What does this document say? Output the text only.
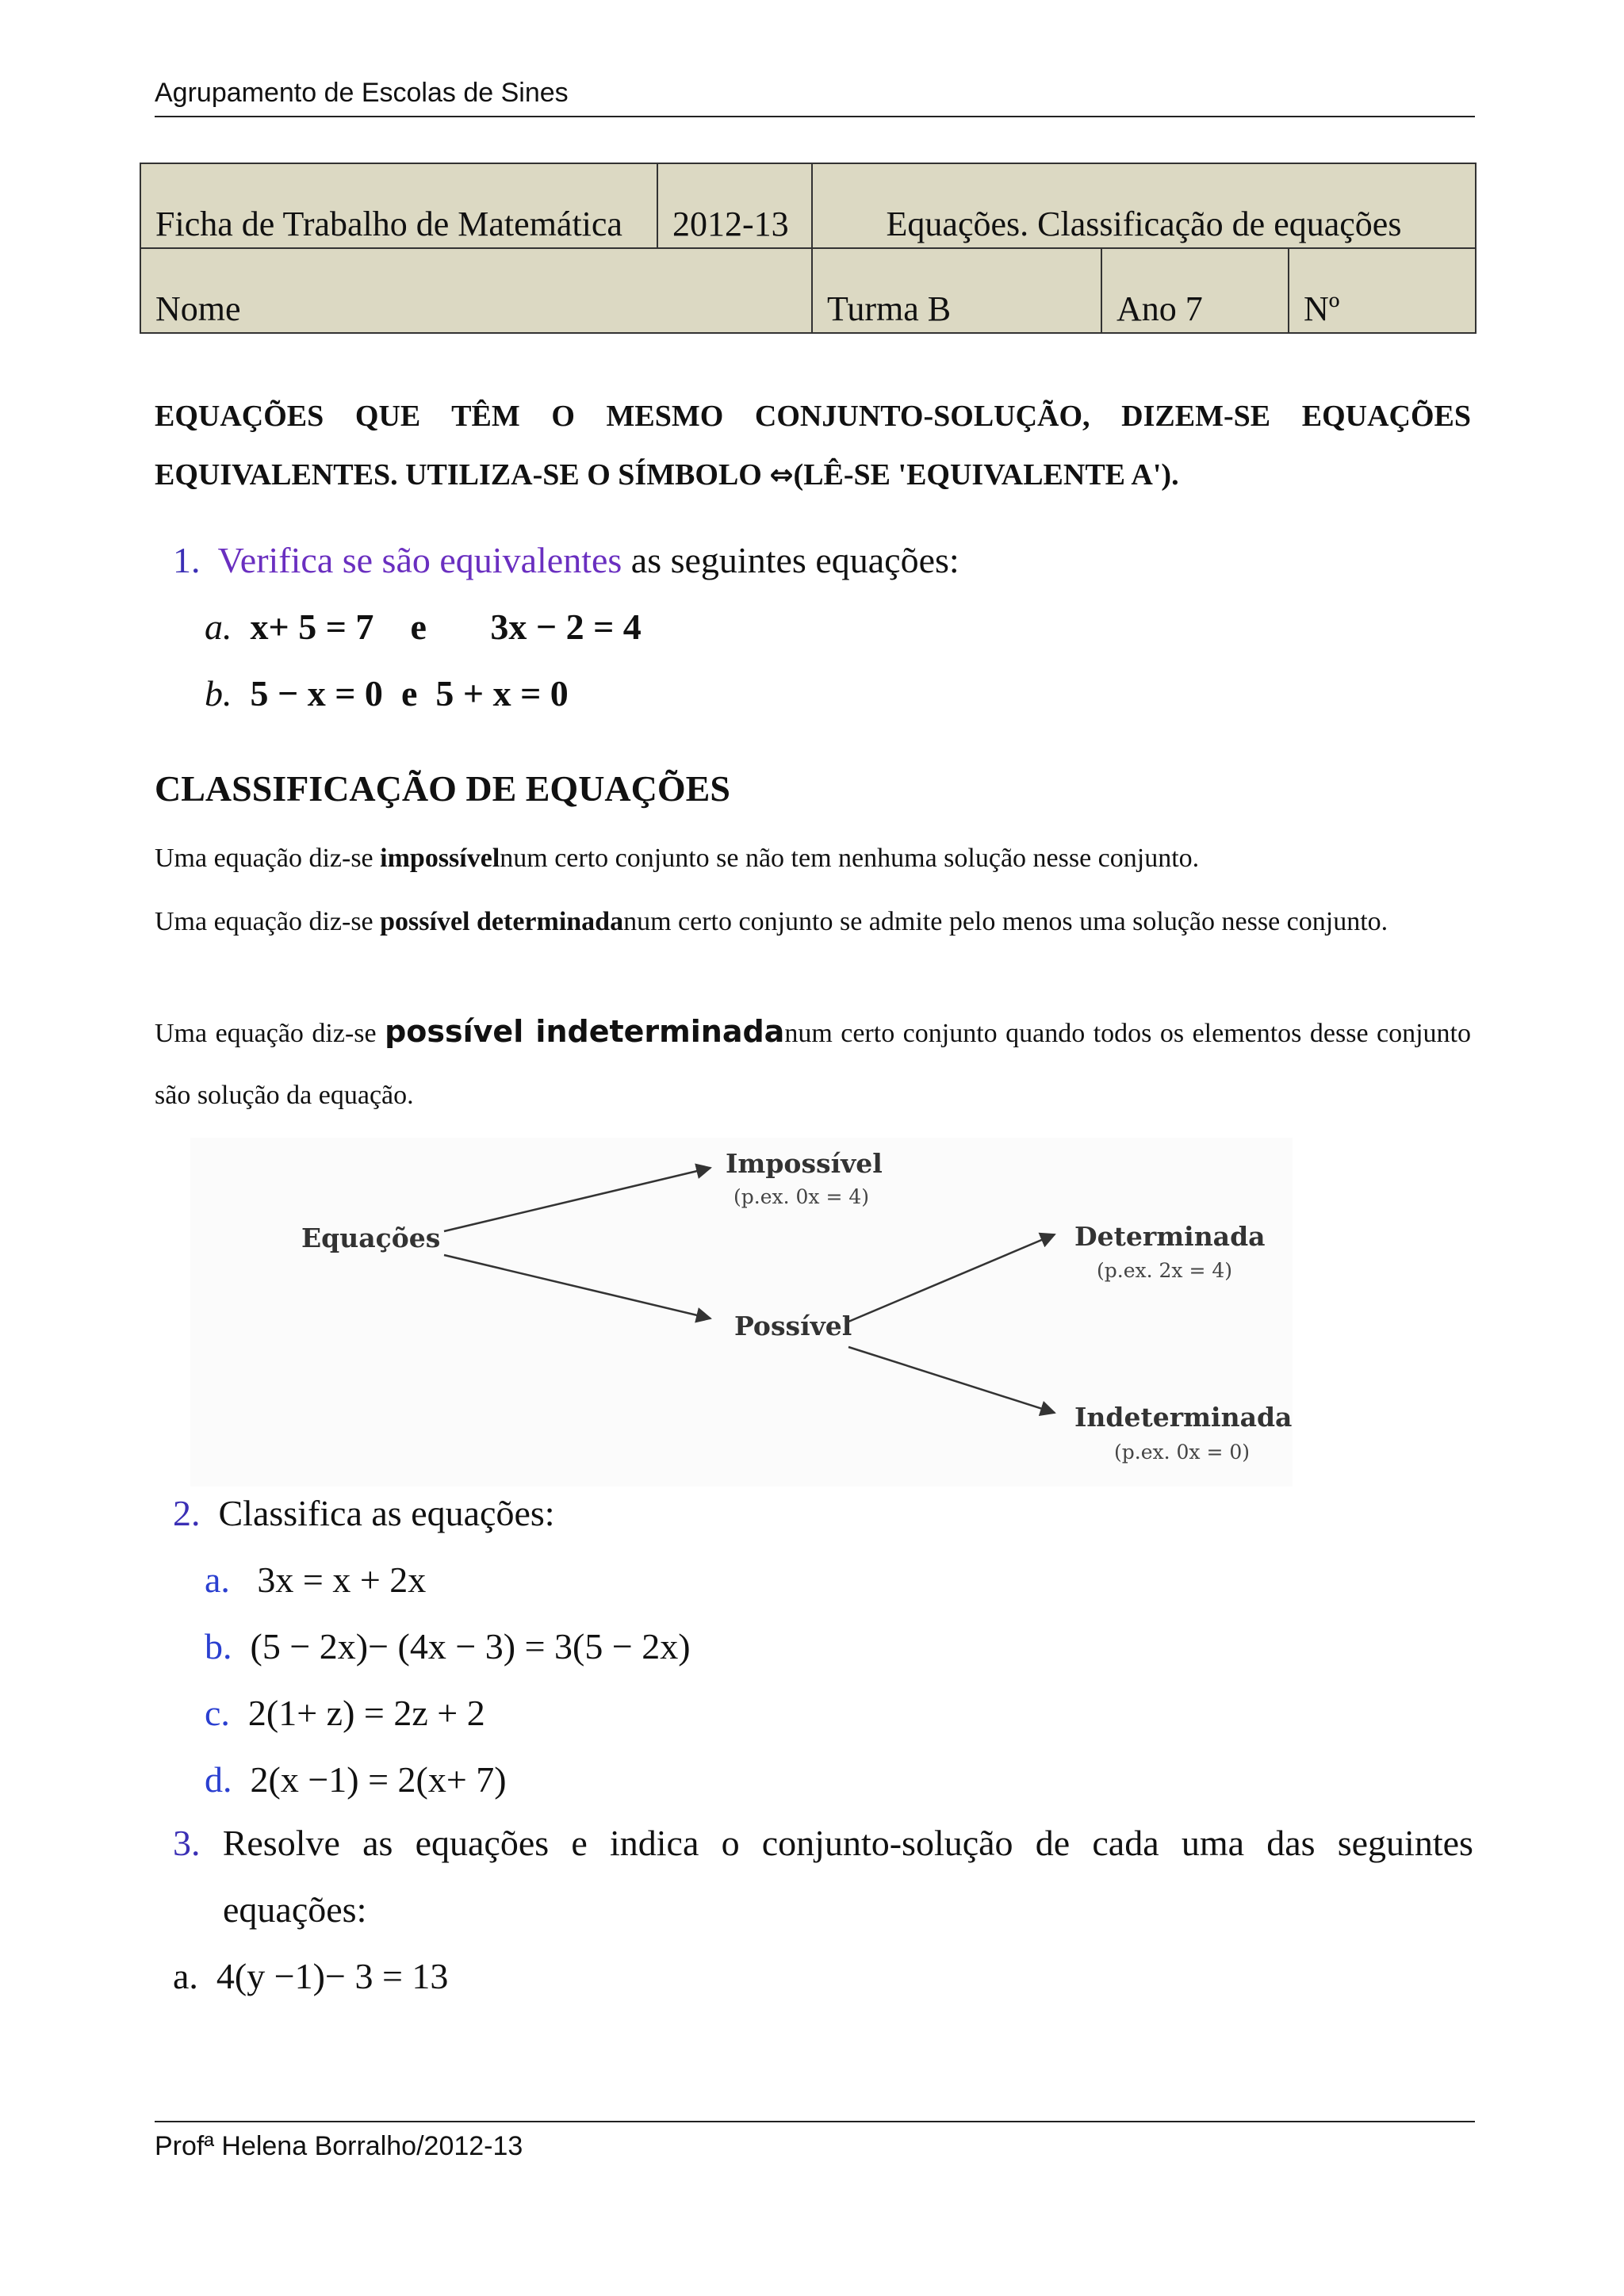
Agrupamento de Escolas de Sines
Ficha de Trabalho de Matemática	2012-13	Equações. Classificação de equações		
Nome		Turma B	Ano 7	Nº
EQUAÇÕES QUE TÊM O MESMO CONJUNTO-SOLUÇÃO, DIZEM-SE EQUAÇÕES EQUIVALENTES. UTILIZA-SE O SÍMBOLO ⇔(LÊ-SE 'EQUIVALENTE A').
1. Verifica se são equivalentes as seguintes equações:
a. x+ 5 = 7 e 3x − 2 = 4
b. 5 − x = 0 e 5 + x = 0
CLASSIFICAÇÃO DE EQUAÇÕES
Uma equação diz-se impossívelnum certo conjunto se não tem nenhuma solução nesse conjunto.
Uma equação diz-se possível determinadanum certo conjunto se admite pelo menos uma solução nesse conjunto.
Uma equação diz-se possível indeterminadanum certo conjunto quando todos os elementos desse conjunto são solução da equação.
Equações
Impossível
(p.ex. 0x = 4)
Possível
Determinada
(p.ex. 2x = 4)
Indeterminada
(p.ex. 0x = 0)
2. Classifica as equações:
a. 3x = x + 2x
b. (5 − 2x)− (4x − 3) = 3(5 − 2x)
c. 2(1+ z) = 2z + 2
d. 2(x −1) = 2(x+ 7)
3. Resolve as equações e indica o conjunto-solução de cada uma das seguintes
equações:
a. 4(y −1)− 3 = 13
Profª Helena Borralho/2012-13
